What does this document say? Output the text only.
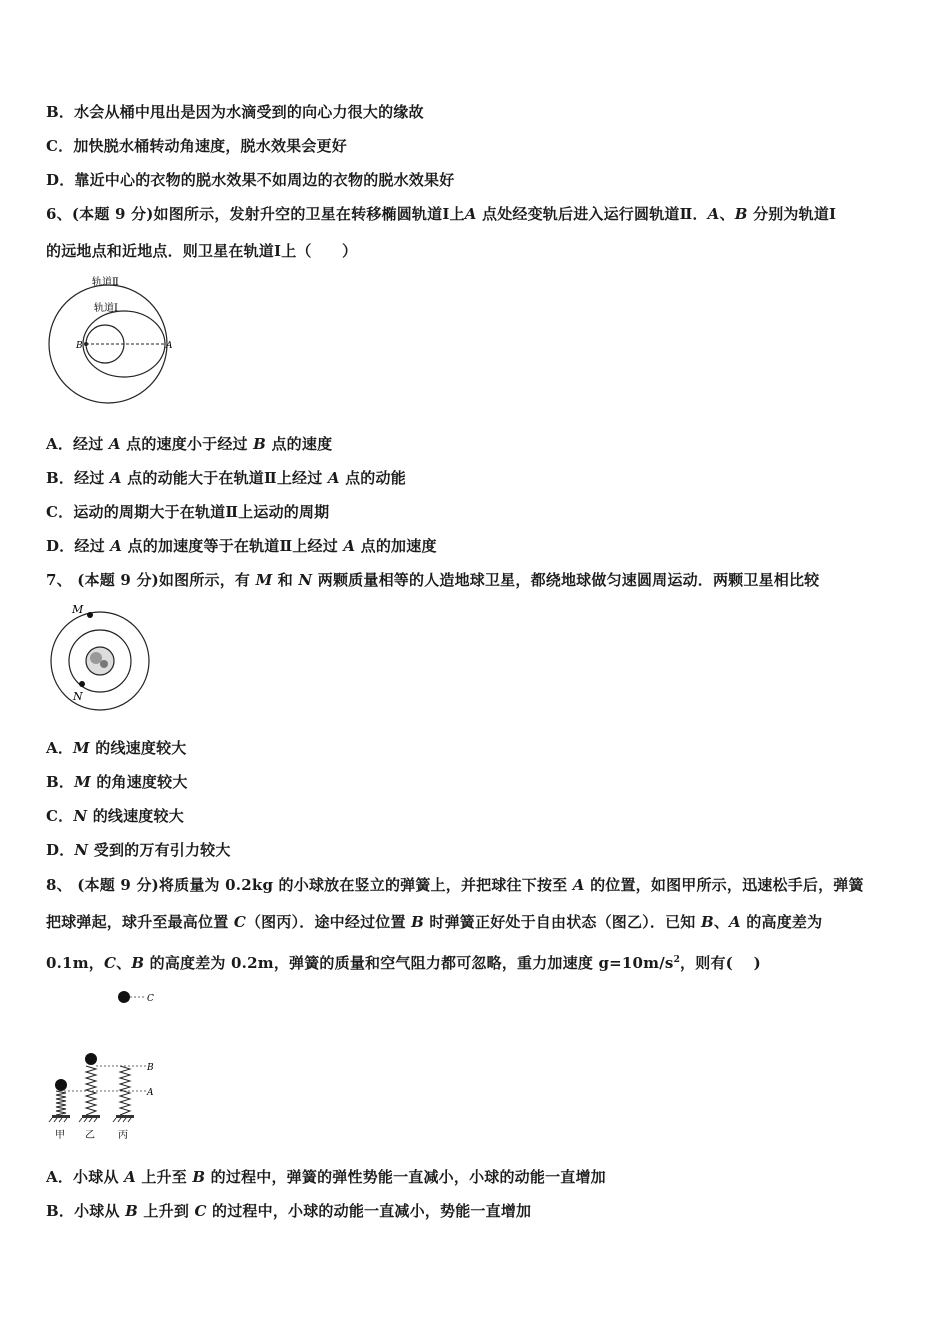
B．水会从桶中甩出是因为水滴受到的向心力很大的缘故
C．加快脱水桶转动角速度，脱水效果会更好
D．靠近中心的衣物的脱水效果不如周边的衣物的脱水效果好
6、(本题 9 分)如图所示，发射升空的卫星在转移椭圆轨道Ⅰ上A 点处经变轨后进入运行圆轨道Ⅱ．A、B 分别为轨道Ⅰ
的远地点和近地点．则卫星在轨道Ⅰ上（　　）
轨道Ⅱ
轨道Ⅰ
B	A
A．经过 A 点的速度小于经过 B 点的速度
B．经过 A 点的动能大于在轨道Ⅱ上经过 A 点的动能
C．运动的周期大于在轨道Ⅱ上运动的周期
D．经过 A 点的加速度等于在轨道Ⅱ上经过 A 点的加速度
7、 (本题 9 分)如图所示，有 M 和 N 两颗质量相等的人造地球卫星，都绕地球做匀速圆周运动．两颗卫星相比较
M
N
A．M 的线速度较大
B．M 的角速度较大
C．N 的线速度较大
D．N 受到的万有引力较大
8、 (本题 9 分)将质量为 0.2kg 的小球放在竖立的弹簧上，并把球往下按至 A 的位置，如图甲所示，迅速松手后，弹簧
把球弹起，球升至最高位置 C（图丙）．途中经过位置 B 时弹簧正好处于自由状态（图乙）．已知 B、A 的高度差为
0.1m，C、B 的高度差为 0.2m，弹簧的质量和空气阻力都可忽略，重力加速度 $g=10m/s^2$，则有(　 )
C
B
A
甲 乙 丙
A．小球从 A 上升至 B 的过程中，弹簧的弹性势能一直减小，小球的动能一直增加
B．小球从 B 上升到 C 的过程中，小球的动能一直减小，势能一直增加
